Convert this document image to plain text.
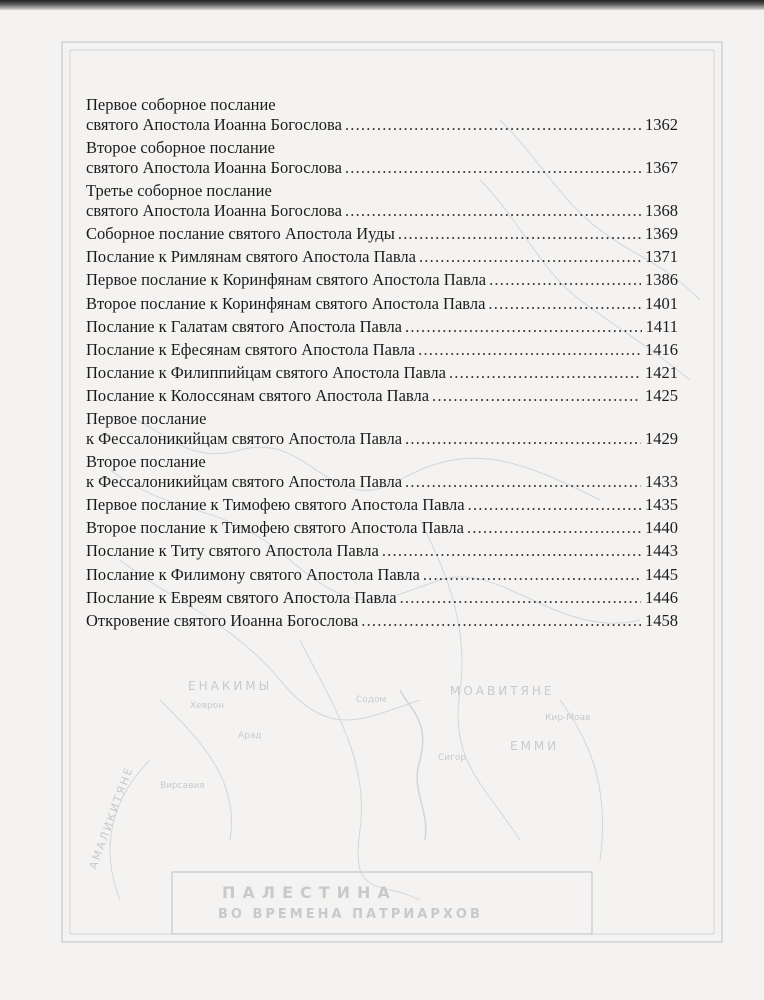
ПАЛЕСТИНА
ВО ВРЕМЕНА ПАТРИАРХОВ
ЕНАКИМЫ	МОАВИТЯНЕ
ЕММИ
АМАЛИКИТЯНЕ
Хеврон
Вирсавия
Содом
Арад
Сигор
Кир-Моав
Первое соборное послание
святого Апостола Иоанна Богослова .....	1362
Второе соборное послание
святого Апостола Иоанна Богослова .....	1367
Третье соборное послание
святого Апостола Иоанна Богослова .....	1368
Соборное послание святого Апостола Иуды .....	1369
Послание к Римлянам святого Апостола Павла .....	1371
Первое послание к Коринфянам святого Апостола Павла .....	1386
Второе послание к Коринфянам святого Апостола Павла .....	1401
Послание к Галатам святого Апостола Павла .....	1411
Послание к Ефесянам святого Апостола Павла .....	1416
Послание к Филиппийцам святого Апостола Павла .....	1421
Послание к Колоссянам святого Апостола Павла .....	1425
Первое послание
к Фессалоникийцам святого Апостола Павла .....	1429
Второе послание
к Фессалоникийцам святого Апостола Павла .....	1433
Первое послание к Тимофею святого Апостола Павла .....	1435
Второе послание к Тимофею святого Апостола Павла .....	1440
Послание к Титу святого Апостола Павла .....	1443
Послание к Филимону святого Апостола Павла .....	1445
Послание к Евреям святого Апостола Павла .....	1446
Откровение святого Иоанна Богослова .....	1458
